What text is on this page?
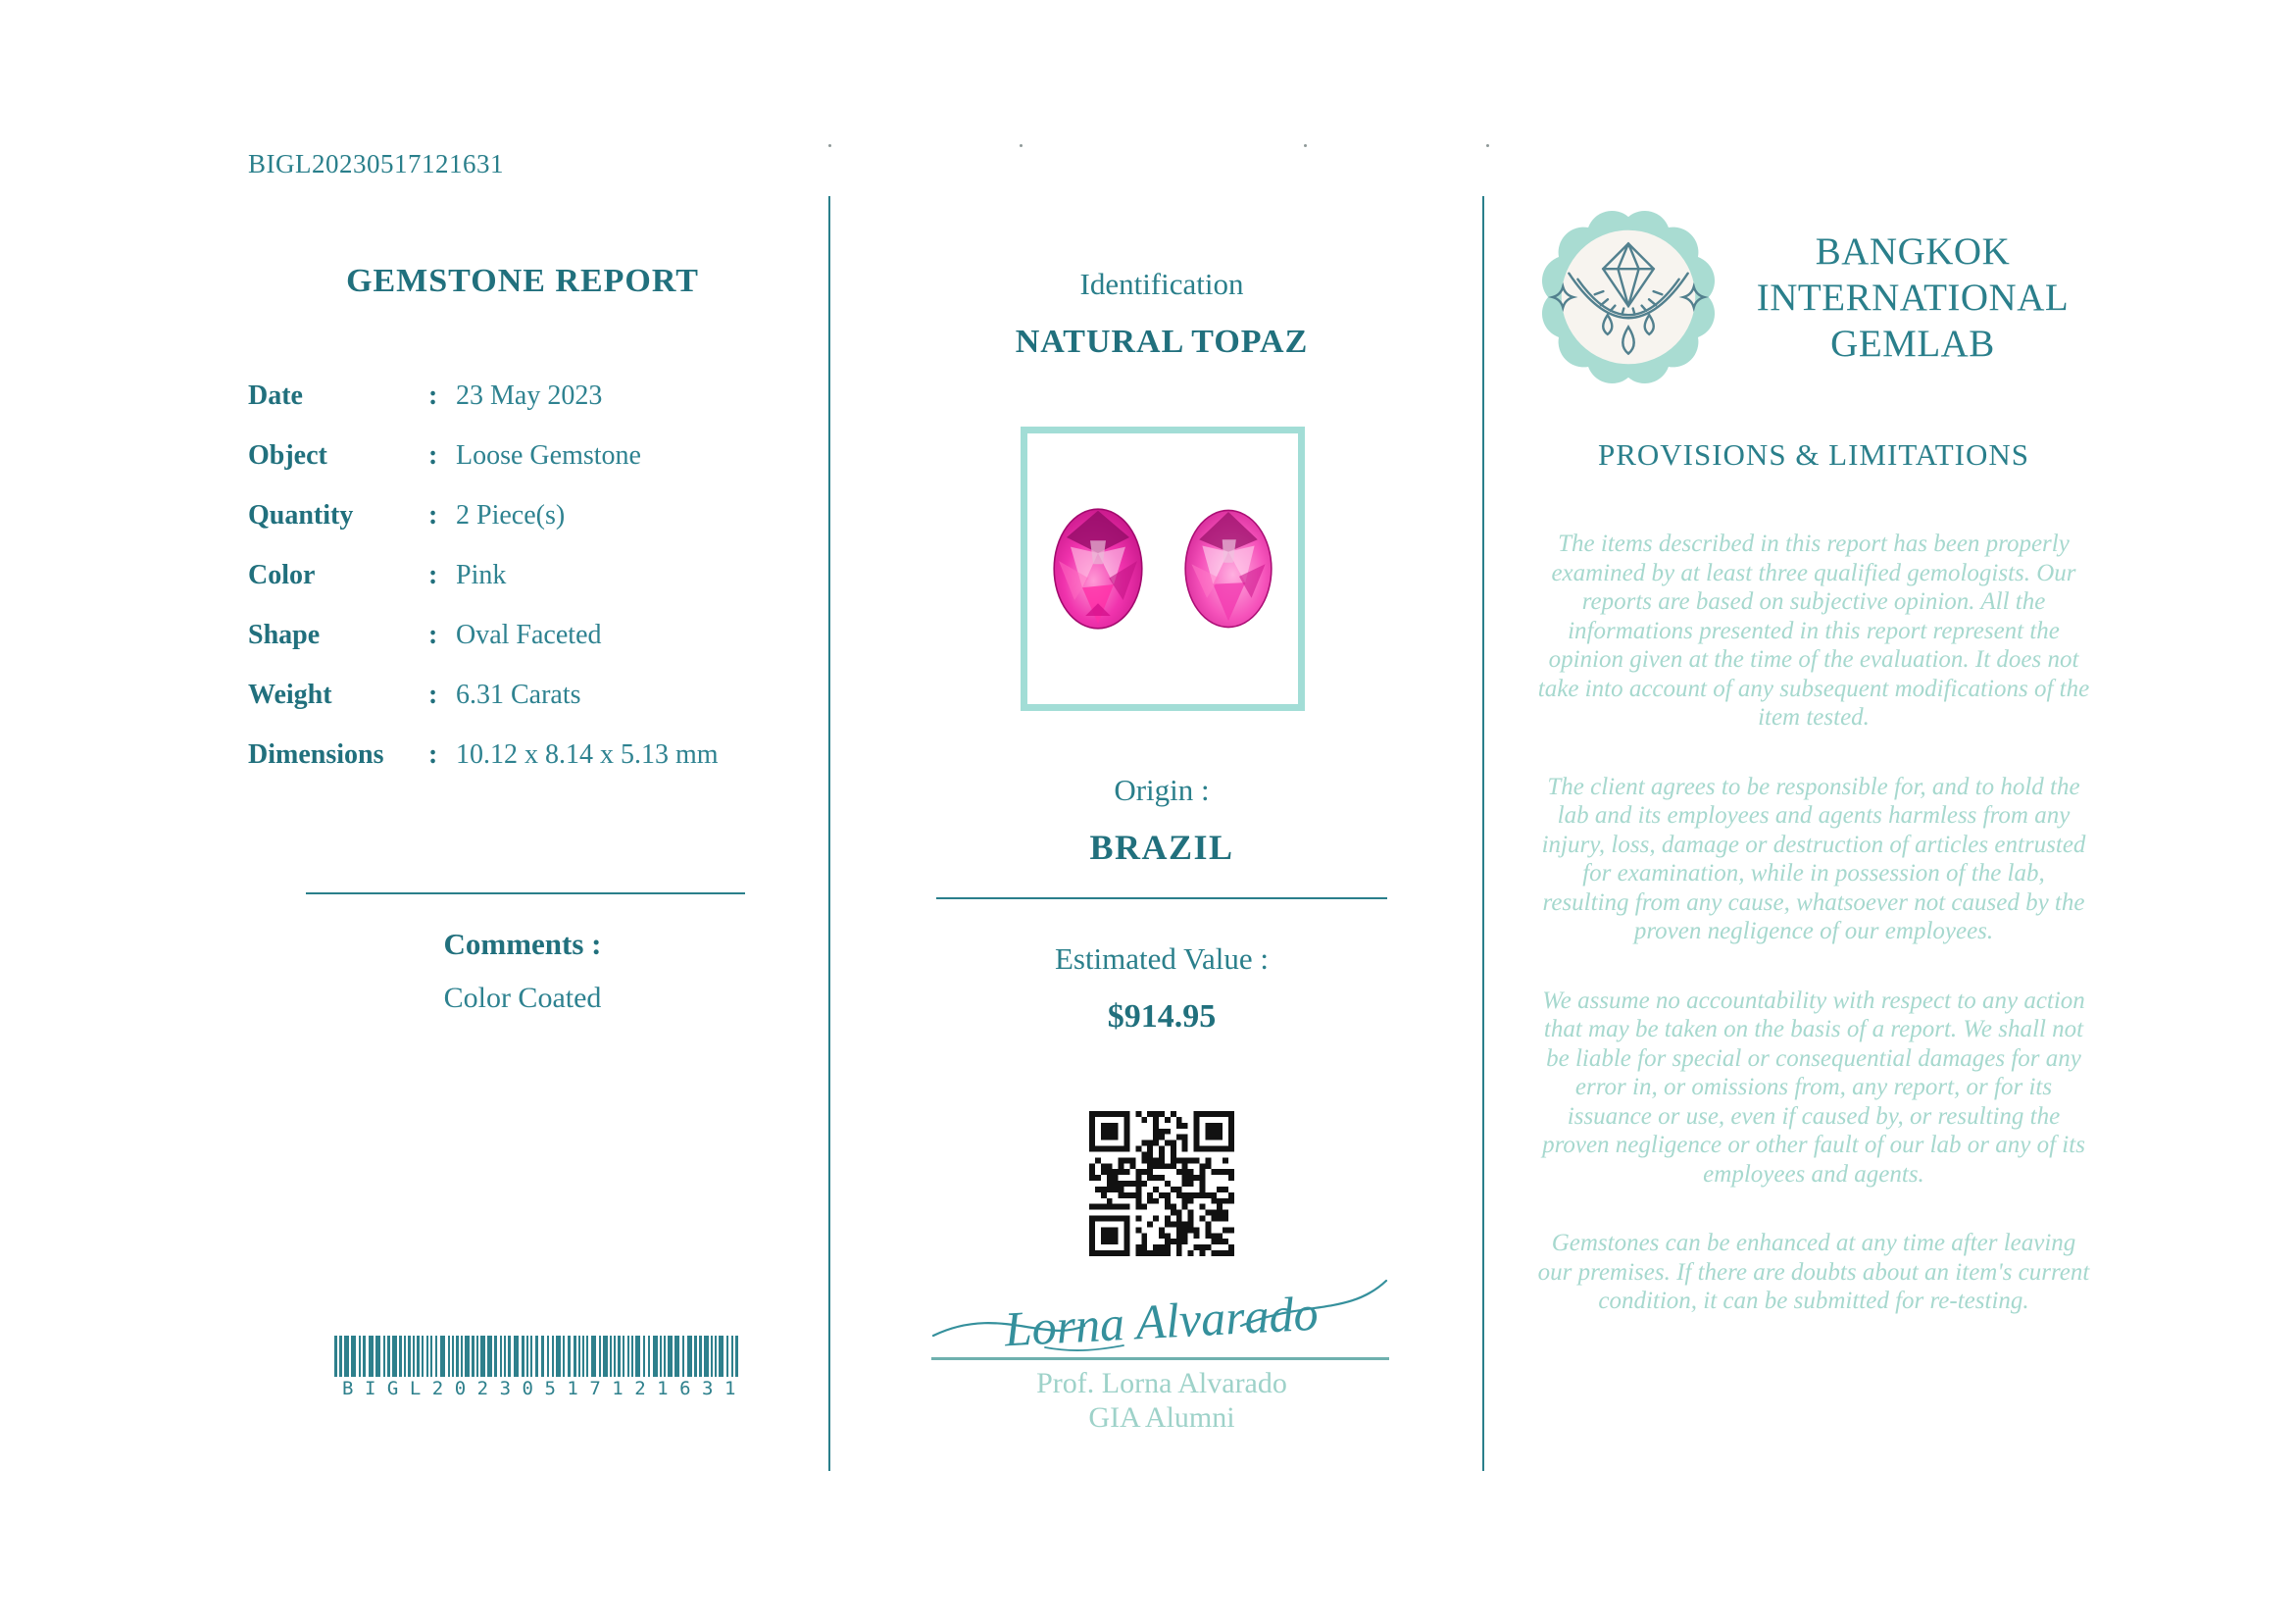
BIGL20230517121631
GEMSTONE REPORT
Date	: 23 May 2023
Object	: Loose Gemstone
Quantity	: 2 Piece(s)
Color	: Pink
Shape	: Oval Faceted
Weight	: 6.31 Carats
Dimensions	: 10.12 x 8.14 x 5.13 mm
Comments :
Color Coated
BIGL20230517121631
Identification
NATURAL TOPAZ
Origin :
BRAZIL
Estimated Value :
$914.95
Lorna Alvarado
Prof. Lorna Alvarado
GIA Alumni
BANGKOK
INTERNATIONAL
GEMLAB
PROVISIONS & LIMITATIONS

The items described in this report has been properly examined by at least three qualified gemologists. Our reports are based on subjective opinion. All the informations presented in this report represent the opinion given at the time of the evaluation. It does not take into account of any subsequent modifications of the item tested.

The client agrees to be responsible for, and to hold the lab and its employees and agents harmless from any injury, loss, damage or destruction of articles entrusted for examination, while in possession of the lab, resulting from any cause, whatsoever not caused by the proven negligence of our employees.

We assume no accountability with respect to any action that may be taken on the basis of a report. We shall not be liable for special or consequential damages for any error in, or omissions from, any report, or for its issuance or use, even if caused by, or resulting the proven negligence or other fault of our lab or any of its employees and agents.

Gemstones can be enhanced at any time after leaving our premises. If there are doubts about an item's current condition, it can be submitted for re-testing.
